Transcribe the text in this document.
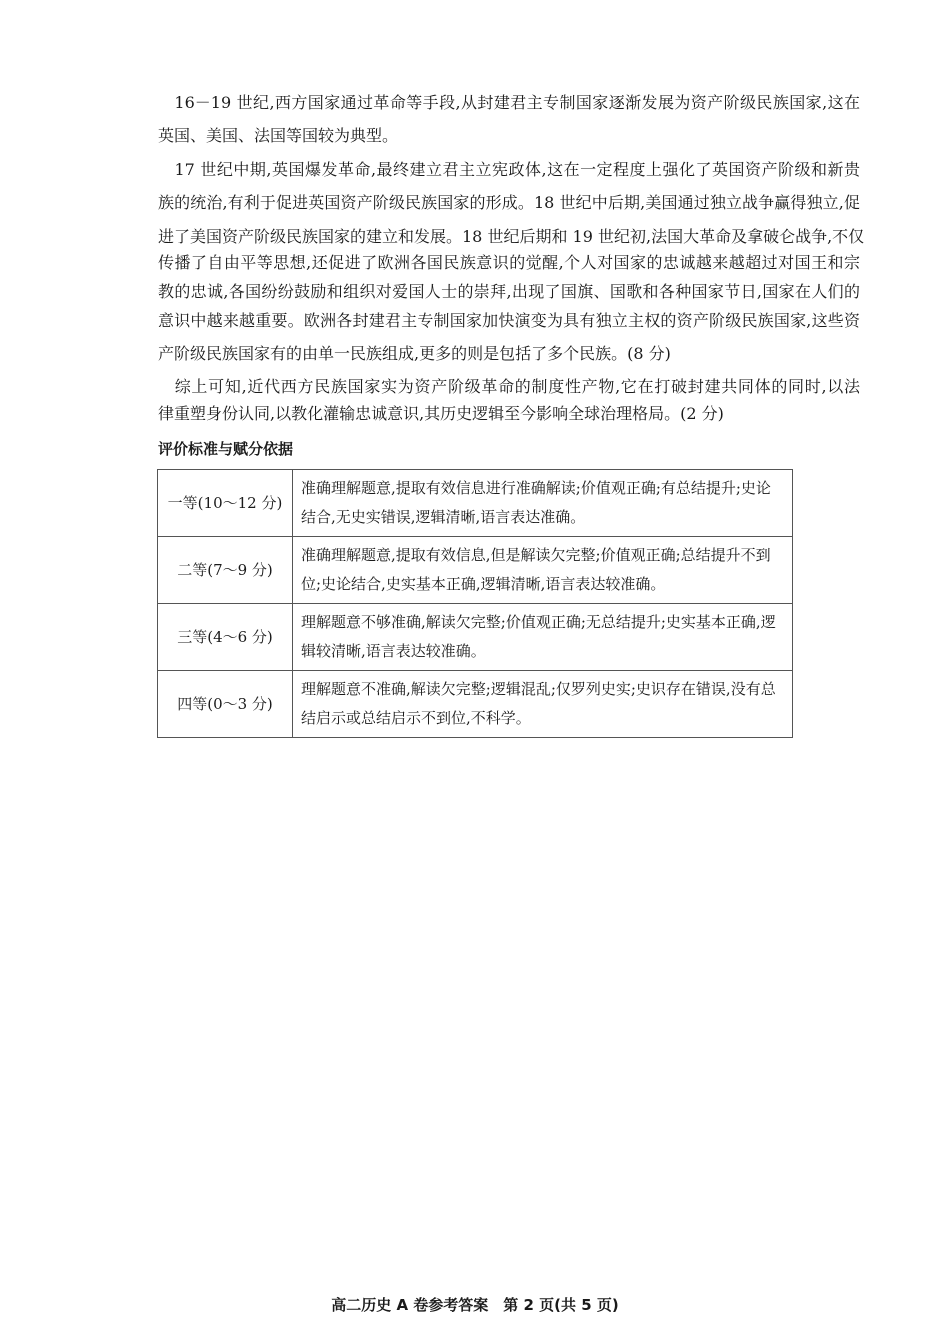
　16－19 世纪,西方国家通过革命等手段,从封建君主专制国家逐渐发展为资产阶级民族国家,这在
英国、美国、法国等国较为典型。
　17 世纪中期,英国爆发革命,最终建立君主立宪政体,这在一定程度上强化了英国资产阶级和新贵
族的统治,有利于促进英国资产阶级民族国家的形成。18 世纪中后期,美国通过独立战争赢得独立,促
进了美国资产阶级民族国家的建立和发展。18 世纪后期和 19 世纪初,法国大革命及拿破仑战争,不仅
传播了自由平等思想,还促进了欧洲各国民族意识的觉醒,个人对国家的忠诚越来越超过对国王和宗
教的忠诚,各国纷纷鼓励和组织对爱国人士的崇拜,出现了国旗、国歌和各种国家节日,国家在人们的
意识中越来越重要。欧洲各封建君主专制国家加快演变为具有独立主权的资产阶级民族国家,这些资
产阶级民族国家有的由单一民族组成,更多的则是包括了多个民族。(8 分)
　综上可知,近代西方民族国家实为资产阶级革命的制度性产物,它在打破封建共同体的同时,以法
律重塑身份认同,以教化灌输忠诚意识,其历史逻辑至今影响全球治理格局。(2 分)
评价标准与赋分依据
一等(10～12 分)	准确理解题意,提取有效信息进行准确解读;价值观正确;有总结提升;史论结合,无史实错误,逻辑清晰,语言表达准确。
二等(7～9 分)	准确理解题意,提取有效信息,但是解读欠完整;价值观正确;总结提升不到位;史论结合,史实基本正确,逻辑清晰,语言表达较准确。
三等(4～6 分)	理解题意不够准确,解读欠完整;价值观正确;无总结提升;史实基本正确,逻辑较清晰,语言表达较准确。
四等(0～3 分)	理解题意不准确,解读欠完整;逻辑混乱;仅罗列史实;史识存在错误,没有总结启示或总结启示不到位,不科学。
高二历史 A 卷参考答案　第 2 页(共 5 页)
